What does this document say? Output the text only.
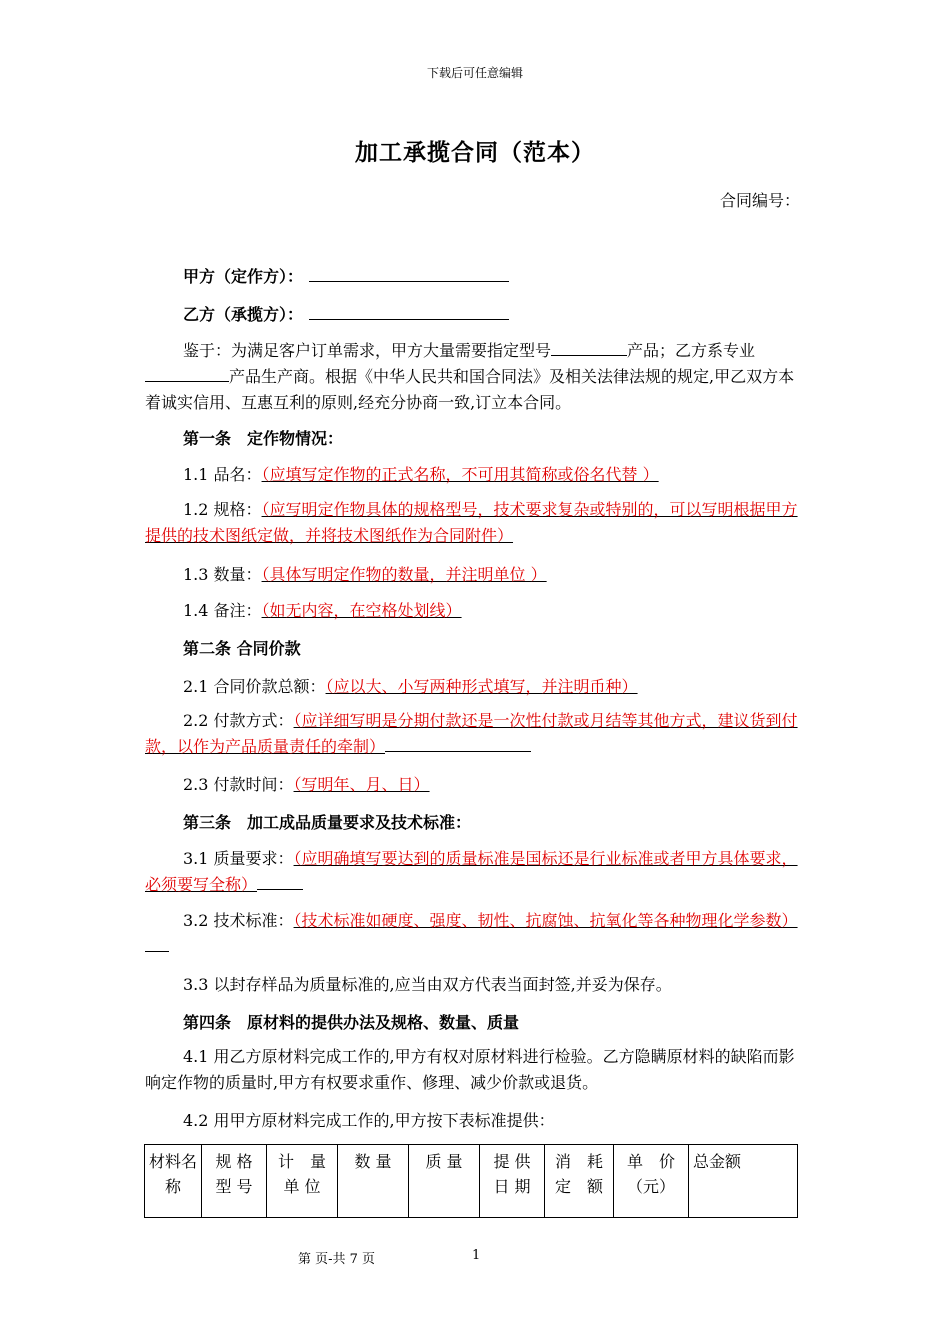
下载后可任意编辑
加工承揽合同（范本）
合同编号：
甲方（定作方）：
乙方（承揽方）：
鉴于：为满足客户订单需求，甲方大量需要指定型号	产品；乙方系专业产品生产商。根据《中华人民共和国合同法》及相关法律法规的规定,甲乙双方本着诚实信用、互惠互利的原则,经充分协商一致,订立本合同。
第一条　定作物情况：
1.1 品名：（应填写定作物的正式名称，不可用其简称或俗名代替 ）
1.2 规格：（应写明定作物具体的规格型号，技术要求复杂或特别的，可以写明根据甲方提供的技术图纸定做，并将技术图纸作为合同附件）
1.3 数量：（具体写明定作物的数量，并注明单位 ）
1.4 备注：（如无内容，在空格处划线）
第二条 合同价款
2.1 合同价款总额：（应以大、小写两种形式填写，并注明币种）
2.2 付款方式：（应详细写明是分期付款还是一次性付款或月结等其他方式，建议货到付款，以作为产品质量责任的牵制）
2.3 付款时间：（写明年、月、日）
第三条　加工成品质量要求及技术标准：
3.1 质量要求：（应明确填写要达到的质量标准是国标还是行业标准或者甲方具体要求，必须要写全称）
3.2 技术标准：（技术标准如硬度、强度、韧性、抗腐蚀、抗氧化等各种物理化学参数）
3.3 以封存样品为质量标准的,应当由双方代表当面封签,并妥为保存。
第四条　原材料的提供办法及规格、数量、质量
4.1 用乙方原材料完成工作的,甲方有权对原材料进行检验。乙方隐瞒原材料的缺陷而影响定作物的质量时,甲方有权要求重作、修理、减少价款或退货。
4.2 用甲方原材料完成工作的,甲方按下表标准提供：
材料名称	规 格 型 号	计　量 单 位	数 量	质 量	提 供 日 期	消　耗 定　额	单　价 （元）	总金额
第 页-共 7 页	1
